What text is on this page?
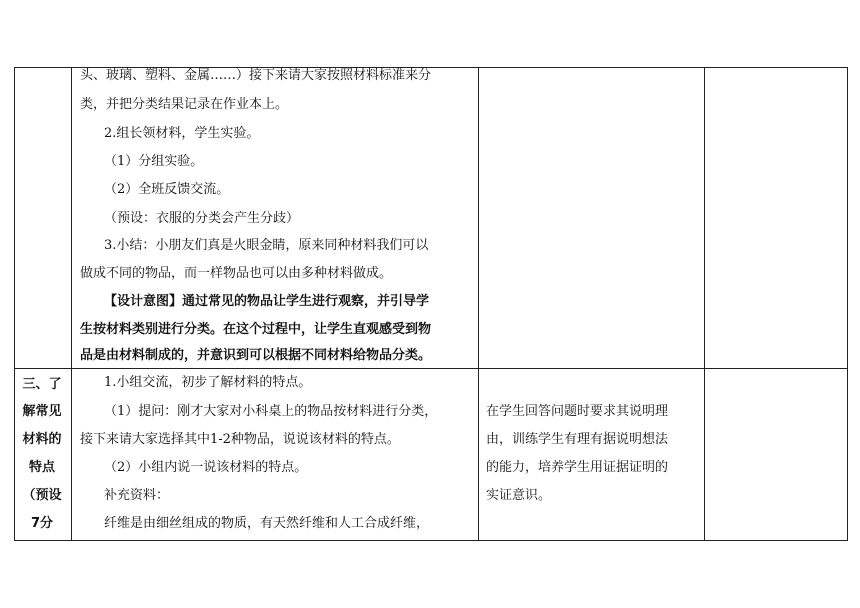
头、玻璃、塑料、金属……）接下来请大家按照材料标准来分
类，并把分类结果记录在作业本上。
2.组长领材料，学生实验。
（1）分组实验。
（2）全班反馈交流。
（预设：衣服的分类会产生分歧）
3.小结：小朋友们真是火眼金睛，原来同种材料我们可以
做成不同的物品，而一样物品也可以由多种材料做成。
【设计意图】通过常见的物品让学生进行观察，并引导学
生按材料类别进行分类。在这个过程中，让学生直观感受到物
品是由材料制成的，并意识到可以根据不同材料给物品分类。
三、了
解常见
材料的
特点
（预设
7分
1.小组交流，初步了解材料的特点。
（1）提问：刚才大家对小科桌上的物品按材料进行分类，
接下来请大家选择其中1-2种物品，说说该材料的特点。
（2）小组内说一说该材料的特点。
补充资料：
纤维是由细丝组成的物质，有天然纤维和人工合成纤维，
在学生回答问题时要求其说明理
由，训练学生有理有据说明想法
的能力，培养学生用证据证明的
实证意识。
